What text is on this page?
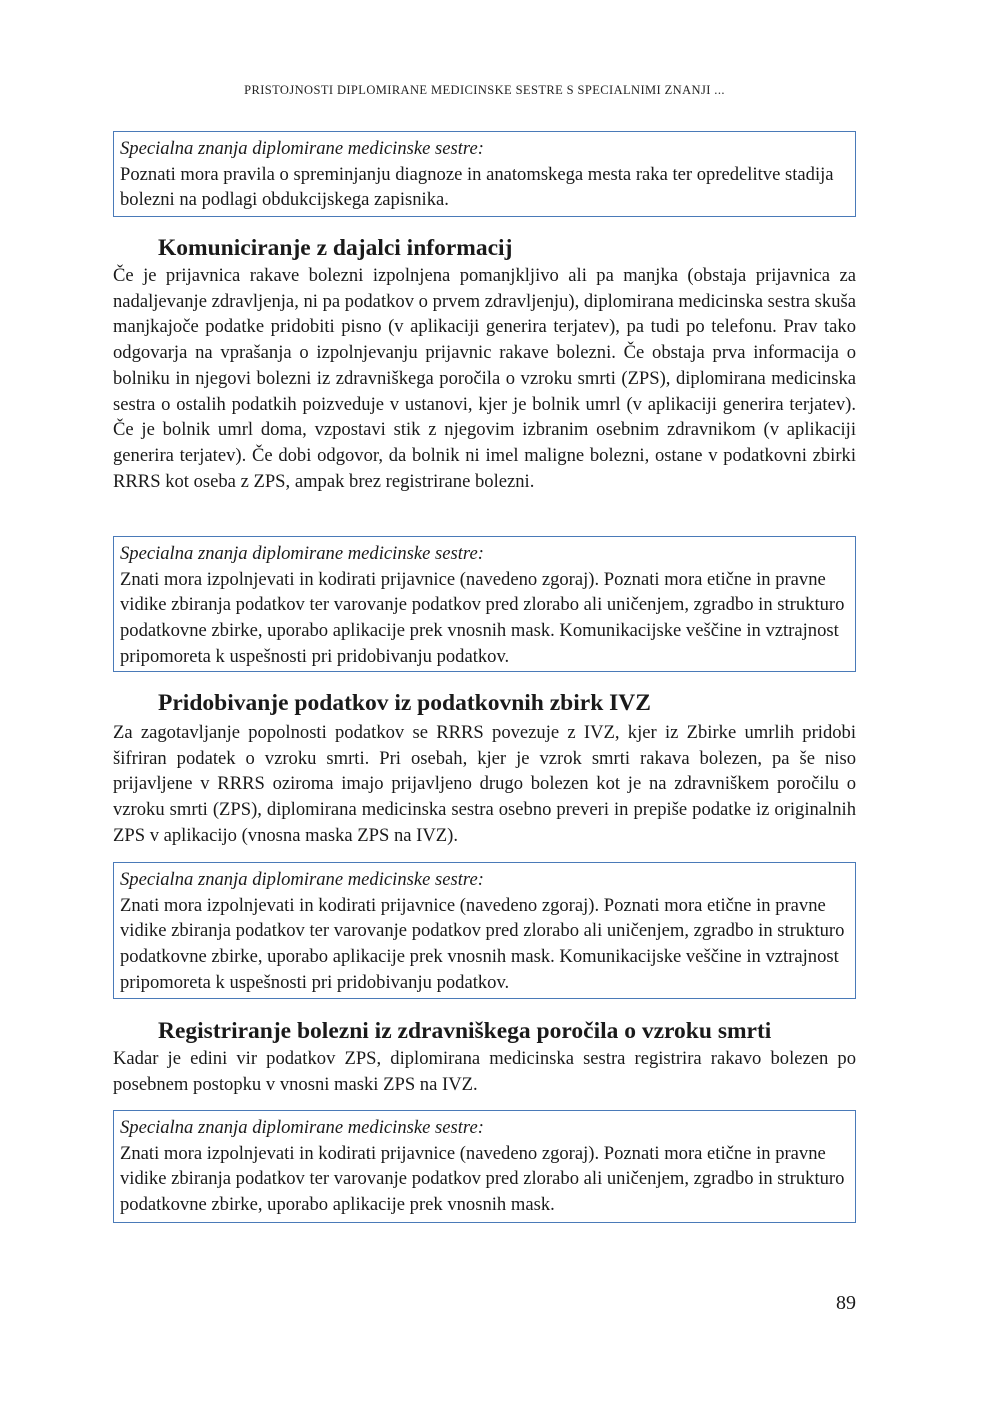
PRISTOJNOSTI DIPLOMIRANE MEDICINSKE SESTRE S SPECIALNIMI ZNANJI ...
Specialna znanja diplomirane medicinske sestre:
Poznati mora pravila o spreminjanju diagnoze in anatomskega mesta raka ter opredelitve stadija bolezni na podlagi obdukcijskega zapisnika.
Komuniciranje z dajalci informacij
Če je prijavnica rakave bolezni izpolnjena pomanjkljivo ali pa manjka (obstaja prijavnica za nadaljevanje zdravljenja, ni pa podatkov o prvem zdravljenju), diplomirana medicinska sestra skuša manjkajoče podatke pridobiti pisno (v aplikaciji generira terjatev), pa tudi po telefonu. Prav tako odgovarja na vprašanja o izpolnjevanju prijavnic rakave bolezni. Če obstaja prva informacija o bolniku in njegovi bolezni iz zdravniškega poročila o vzroku smrti (ZPS), diplomirana medicinska sestra o ostalih podatkih poizveduje v ustanovi, kjer je bolnik umrl (v aplikaciji generira terjatev). Če je bolnik umrl doma, vzpostavi stik z njegovim izbranim osebnim zdravnikom (v aplikaciji generira terjatev). Če dobi odgovor, da bolnik ni imel maligne bolezni, ostane v podatkovni zbirki RRRS kot oseba z ZPS, ampak brez registrirane bolezni.
Specialna znanja diplomirane medicinske sestre:
Znati mora izpolnjevati in kodirati prijavnice (navedeno zgoraj). Poznati mora etične in pravne vidike zbiranja podatkov ter varovanje podatkov pred zlorabo ali uničenjem, zgradbo in strukturo podatkovne zbirke, uporabo aplikacije prek vnosnih mask. Komunikacijske veščine in vztrajnost pripomoreta k uspešnosti pri pridobivanju podatkov.
Pridobivanje podatkov iz podatkovnih zbirk IVZ
Za zagotavljanje popolnosti podatkov se RRRS povezuje z IVZ, kjer iz Zbirke umrlih pridobi šifriran podatek o vzroku smrti. Pri osebah, kjer je vzrok smrti rakava bolezen, pa še niso prijavljene v RRRS oziroma imajo prijavljeno drugo bolezen kot je na zdravniškem poročilu o vzroku smrti (ZPS), diplomirana medicinska sestra osebno preveri in prepiše podatke iz originalnih ZPS v aplikacijo (vnosna maska ZPS na IVZ).
Specialna znanja diplomirane medicinske sestre:
Znati mora izpolnjevati in kodirati prijavnice (navedeno zgoraj). Poznati mora etične in pravne vidike zbiranja podatkov ter varovanje podatkov pred zlorabo ali uničenjem, zgradbo in strukturo podatkovne zbirke, uporabo aplikacije prek vnosnih mask. Komunikacijske veščine in vztrajnost pripomoreta k uspešnosti pri pridobivanju podatkov.
Registriranje bolezni iz zdravniškega poročila o vzroku smrti
Kadar je edini vir podatkov ZPS, diplomirana medicinska sestra registrira rakavo bolezen po posebnem postopku v vnosni maski ZPS na IVZ.
Specialna znanja diplomirane medicinske sestre:
Znati mora izpolnjevati in kodirati prijavnice (navedeno zgoraj). Poznati mora etične in pravne vidike zbiranja podatkov ter varovanje podatkov pred zlorabo ali uničenjem, zgradbo in strukturo podatkovne zbirke, uporabo aplikacije prek vnosnih mask.
89
